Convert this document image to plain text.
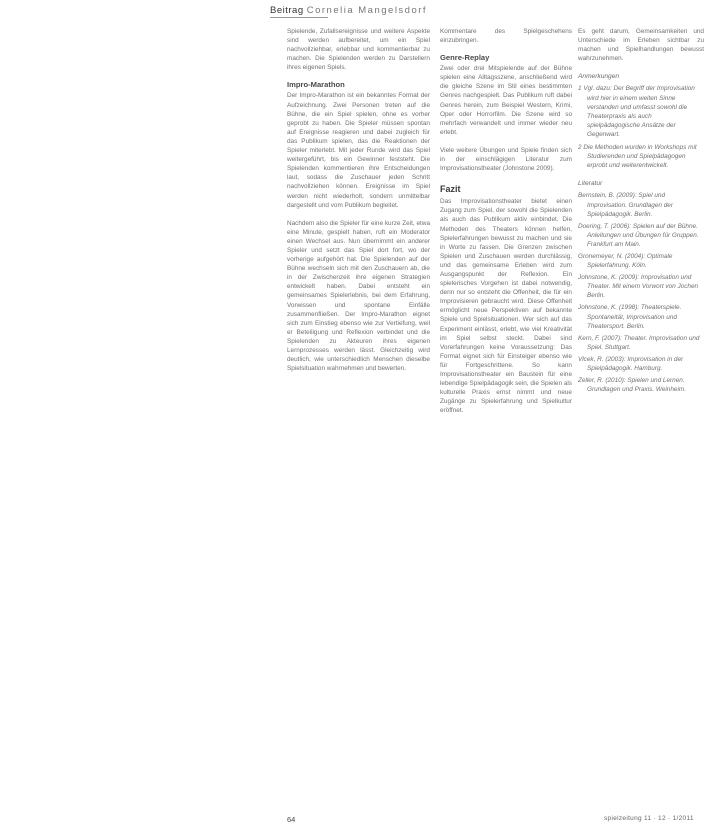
Beitrag Cornelia Mangelsdorf

Spielende, Zufallsereignisse und weitere Aspekte sind werden aufbereitet, um ein Spiel nachvollziehbar, erlebbar und kommentierbar zu machen. Die Spielenden werden zu Darstellern ihres eigenen Spiels.

Impro-Marathon

Der Impro-Marathon ist ein bekanntes Format der Aufzeichnung. Zwei Personen treten auf die Bühne, die ein Spiel spielen, ohne es vorher geprobt zu haben. Die Spieler müssen spontan auf Ereignisse reagieren und dabei zugleich für das Publikum spielen, das die Reaktionen der Spieler miterlebt. Mit jeder Runde wird das Spiel weitergeführt, bis ein Gewinner feststeht. Die Spielenden kommentieren ihre Entscheidungen laut, sodass die Zuschauer jeden Schritt nachvollziehen können. Ereignisse im Spiel werden nicht wiederholt, sondern unmittelbar dargestellt und vom Publikum begleitet.

Nachdem also die Spieler für eine kurze Zeit, etwa eine Minute, gespielt haben, ruft ein Moderator einen Wechsel aus. Nun übernimmt ein anderer Spieler und setzt das Spiel dort fort, wo der vorherige aufgehört hat. Die Spielenden auf der Bühne wechseln sich mit den Zuschauern ab, die in der Zwischenzeit ihre eigenen Strategien entwickelt haben. Dabei entsteht ein gemeinsames Spielerlebnis, bei dem Erfahrung, Vorwissen und spontane Einfälle zusammenfließen. Der Impro-Marathon eignet sich zum Einstieg ebenso wie zur Vertiefung, weil er Beteiligung und Reflexion verbindet und die Spielenden zu Akteuren ihres eigenen Lernprozesses werden lässt. Gleichzeitig wird deutlich, wie unterschiedlich Menschen dieselbe Spielsituation wahrnehmen und bewerten.

Kommentare des Spielgeschehens einzubringen.

Genre-Replay

Zwei oder drei Mitspielende auf der Bühne spielen eine Alltagsszene, anschließend wird die gleiche Szene im Stil eines bestimmten Genres nachgespielt. Das Publikum ruft dabei Genres herein, zum Beispiel Western, Krimi, Oper oder Horrorfilm. Die Szene wird so mehrfach verwandelt und immer wieder neu erlebt.

Viele weitere Übungen und Spiele finden sich in der einschlägigen Literatur zum Improvisationstheater (Johnstone 2009).

Fazit

Das Improvisationstheater bietet einen Zugang zum Spiel, der sowohl die Spielenden als auch das Publikum aktiv einbindet. Die Methoden des Theaters können helfen, Spielerfahrungen bewusst zu machen und sie in Worte zu fassen. Die Grenzen zwischen Spielen und Zuschauen werden durchlässig, und das gemeinsame Erleben wird zum Ausgangspunkt der Reflexion. Ein spielerisches Vorgehen ist dabei notwendig, denn nur so entsteht die Offenheit, die für ein Improvisieren gebraucht wird. Diese Offenheit ermöglicht neue Perspektiven auf bekannte Spiele und Spielsituationen. Wer sich auf das Experiment einlässt, erlebt, wie viel Kreativität im Spiel selbst steckt. Dabei sind Vorerfahrungen keine Voraussetzung: Das Format eignet sich für Einsteiger ebenso wie für Fortgeschrittene. So kann Improvisationstheater ein Baustein für eine lebendige Spielpädagogik sein, die Spielen als kulturelle Praxis ernst nimmt und neue Zugänge zu Spielerfahrung und Spielkultur eröffnet.

Es geht darum, Gemeinsamkeiten und Unterschiede im Erleben sichtbar zu machen und Spielhandlungen bewusst wahrzunehmen.

Anmerkungen

1 Vgl. dazu: Der Begriff der Improvisation wird hier in einem weiten Sinne verstanden und umfasst sowohl die Theaterpraxis als auch spielpädagogische Ansätze der Gegenwart.

2 Die Methoden wurden in Workshops mit Studierenden und Spielpädagogen erprobt und weiterentwickelt.

Literatur

Bernstein, B. (2009): Spiel und Improvisation. Grundlagen der Spielpädagogik. Berlin.

Doering, T. (2006): Spielen auf der Bühne. Anleitungen und Übungen für Gruppen. Frankfurt am Main.

Gronemeyer, N. (2004): Optimale Spielerfahrung. Köln.

Johnstone, K. (2009): Improvisation und Theater. Mit einem Vorwort von Jochen Berlin.

Johnstone, K. (1998): Theaterspiele. Spontaneität, Improvisation und Theatersport. Berlin.

Kern, F. (2007): Theater. Improvisation und Spiel. Stuttgart.

Vlcek, R. (2003): Improvisation in der Spielpädagogik. Hamburg.

Zeller, R. (2010): Spielen und Lernen. Grundlagen und Praxis. Weinheim.

64	spielzeitung 11 · 12 · 1/2011
